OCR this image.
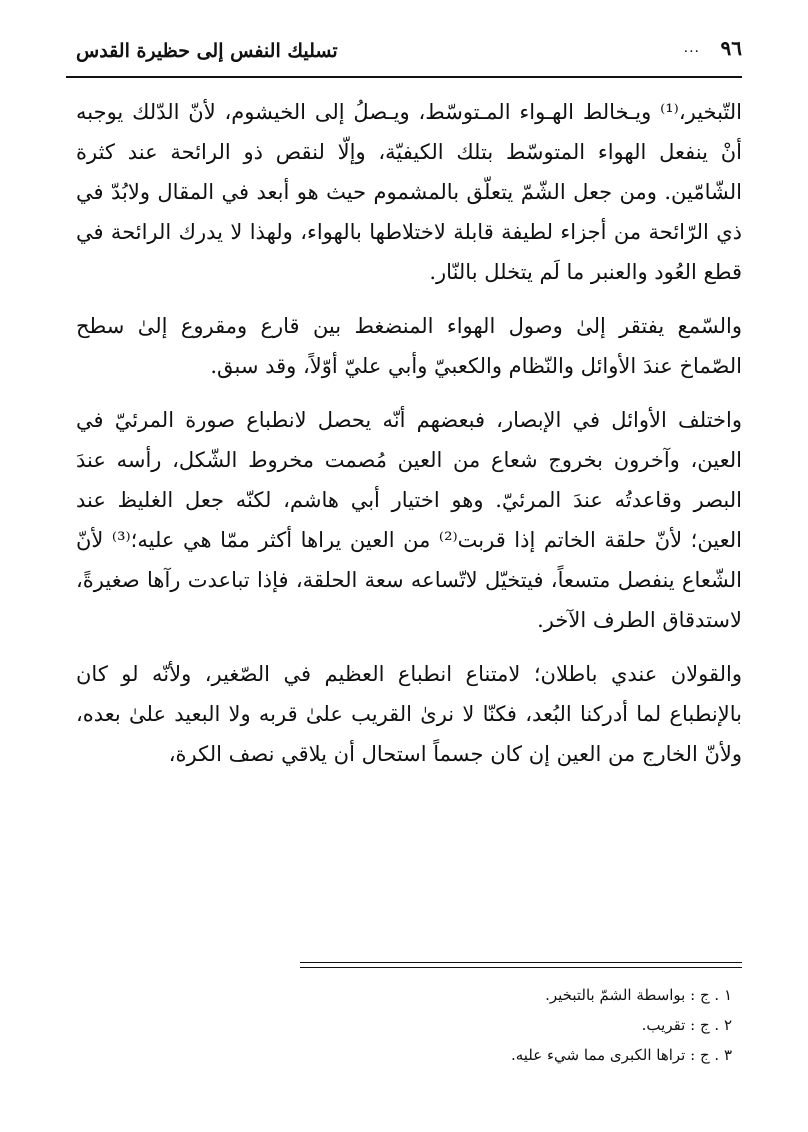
٩٦
...
تسليك النفس إلى حظيرة القدس

التّبخير،⁽¹⁾ ويـخالط الهـواء المـتوسّط، ويـصلُ إلى الخيشوم، لأنّ الدّلك يوجبه أنْ ينفعل الهواء المتوسّط بتلك الكيفيّة، وإلّا لنقص ذو الرائحة عند كثرة الشّامّين. ومن جعل الشّمّ يتعلّق بالمشموم حيث هو أبعد في المقال ولابُدّ في ذي الرّائحة من أجزاء لطيفة قابلة لاختلاطها بالهواء، ولهذا لا يدرك الرائحة في قطع العُود والعنبر ما لَم يتخلل بالنّار.

والسّمع يفتقر إلىٰ وصول الهواء المنضغط بين قارع ومقروع إلىٰ سطح الصّماخ عندَ الأوائل والنّظام والكعبيّ وأبي عليّ أوّلاً، وقد سبق.

واختلف الأوائل في الإبصار، فبعضهم أنّه يحصل لانطباع صورة المرئيّ في العين، وآخرون بخروج شعاع من العين مُصمت مخروط الشّكل، رأسه عندَ البصر وقاعدتُه عندَ المرئيّ. وهو اختيار أبي هاشم، لكنّه جعل الغليظ عند العين؛ لأنّ حلقة الخاتم إذا قربت⁽²⁾ من العين يراها أكثر ممّا هي عليه؛⁽³⁾ لأنّ الشّعاع ينفصل متسعاً، فيتخيّل لاتّساعه سعة الحلقة، فإذا تباعدت رآها صغيرةً، لاستدقاق الطرف الآخر.

والقولان عندي باطلان؛ لامتناع انطباع العظيم في الصّغير، ولأنّه لو كان بالإنطباع لما أدركنا البُعد، فكنّا لا نرىٰ القريب علىٰ قربه ولا البعيد علىٰ بعده، ولأنّ الخارج من العين إن كان جسماً استحال أن يلاقي نصف الكرة،

١ . ج : بواسطة الشمّ بالتبخير.
٢ . ج : تقريب.
٣ . ج : تراها الكبرى مما شيء عليه.
